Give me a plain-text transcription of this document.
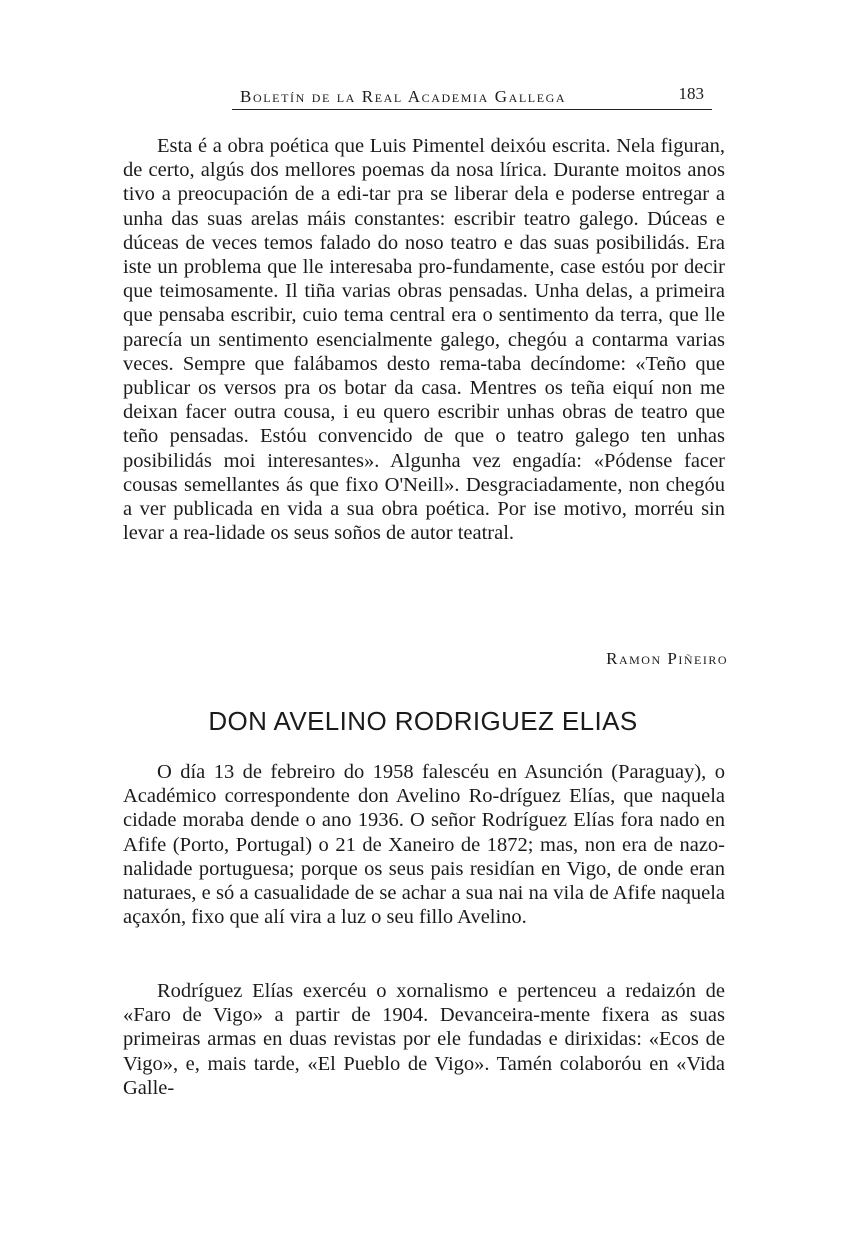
Boletín de la Real Academia Gallega	183

Esta é a obra poética que Luis Pimentel deixóu escrita. Nela figuran, de certo, algús dos mellores poemas da nosa lírica. Durante moitos anos tivo a preocupación de a edi-tar pra se liberar dela e poderse entregar a unha das suas arelas máis constantes: escribir teatro galego. Dúceas e dúceas de veces temos falado do noso teatro e das suas posibilidás. Era iste un problema que lle interesaba pro-fundamente, case estóu por decir que teimosamente. Il tiña varias obras pensadas. Unha delas, a primeira que pensaba escribir, cuio tema central era o sentimento da terra, que lle parecía un sentimento esencialmente galego, chegóu a contarma varias veces. Sempre que falábamos desto rema-taba decíndome: «Teño que publicar os versos pra os botar da casa. Mentres os teña eiquí non me deixan facer outra cousa, i eu quero escribir unhas obras de teatro que teño pensadas. Estóu convencido de que o teatro galego ten unhas posibilidás moi interesantes». Algunha vez engadía: «Pódense facer cousas semellantes ás que fixo O'Neill». Desgraciadamente, non chegóu a ver publicada en vida a sua obra poética. Por ise motivo, morréu sin levar a rea-lidade os seus soños de autor teatral.

Ramon Piñeiro
DON AVELINO RODRIGUEZ ELIAS

O día 13 de febreiro do 1958 falescéu en Asunción (Paraguay), o Académico correspondente don Avelino Ro-dríguez Elías, que naquela cidade moraba dende o ano 1936. O señor Rodríguez Elías fora nado en Afife (Porto, Portugal) o 21 de Xaneiro de 1872; mas, non era de nazo-nalidade portuguesa; porque os seus pais residían en Vigo, de onde eran naturaes, e só a casualidade de se achar a sua nai na vila de Afife naquela açaxón, fixo que alí vira a luz o seu fillo Avelino.

Rodríguez Elías exercéu o xornalismo e pertenceu a redaizón de «Faro de Vigo» a partir de 1904. Devanceira-mente fixera as suas primeiras armas en duas revistas por ele fundadas e dirixidas: «Ecos de Vigo», e, mais tarde, «El Pueblo de Vigo». Tamén colaboróu en «Vida Galle-
